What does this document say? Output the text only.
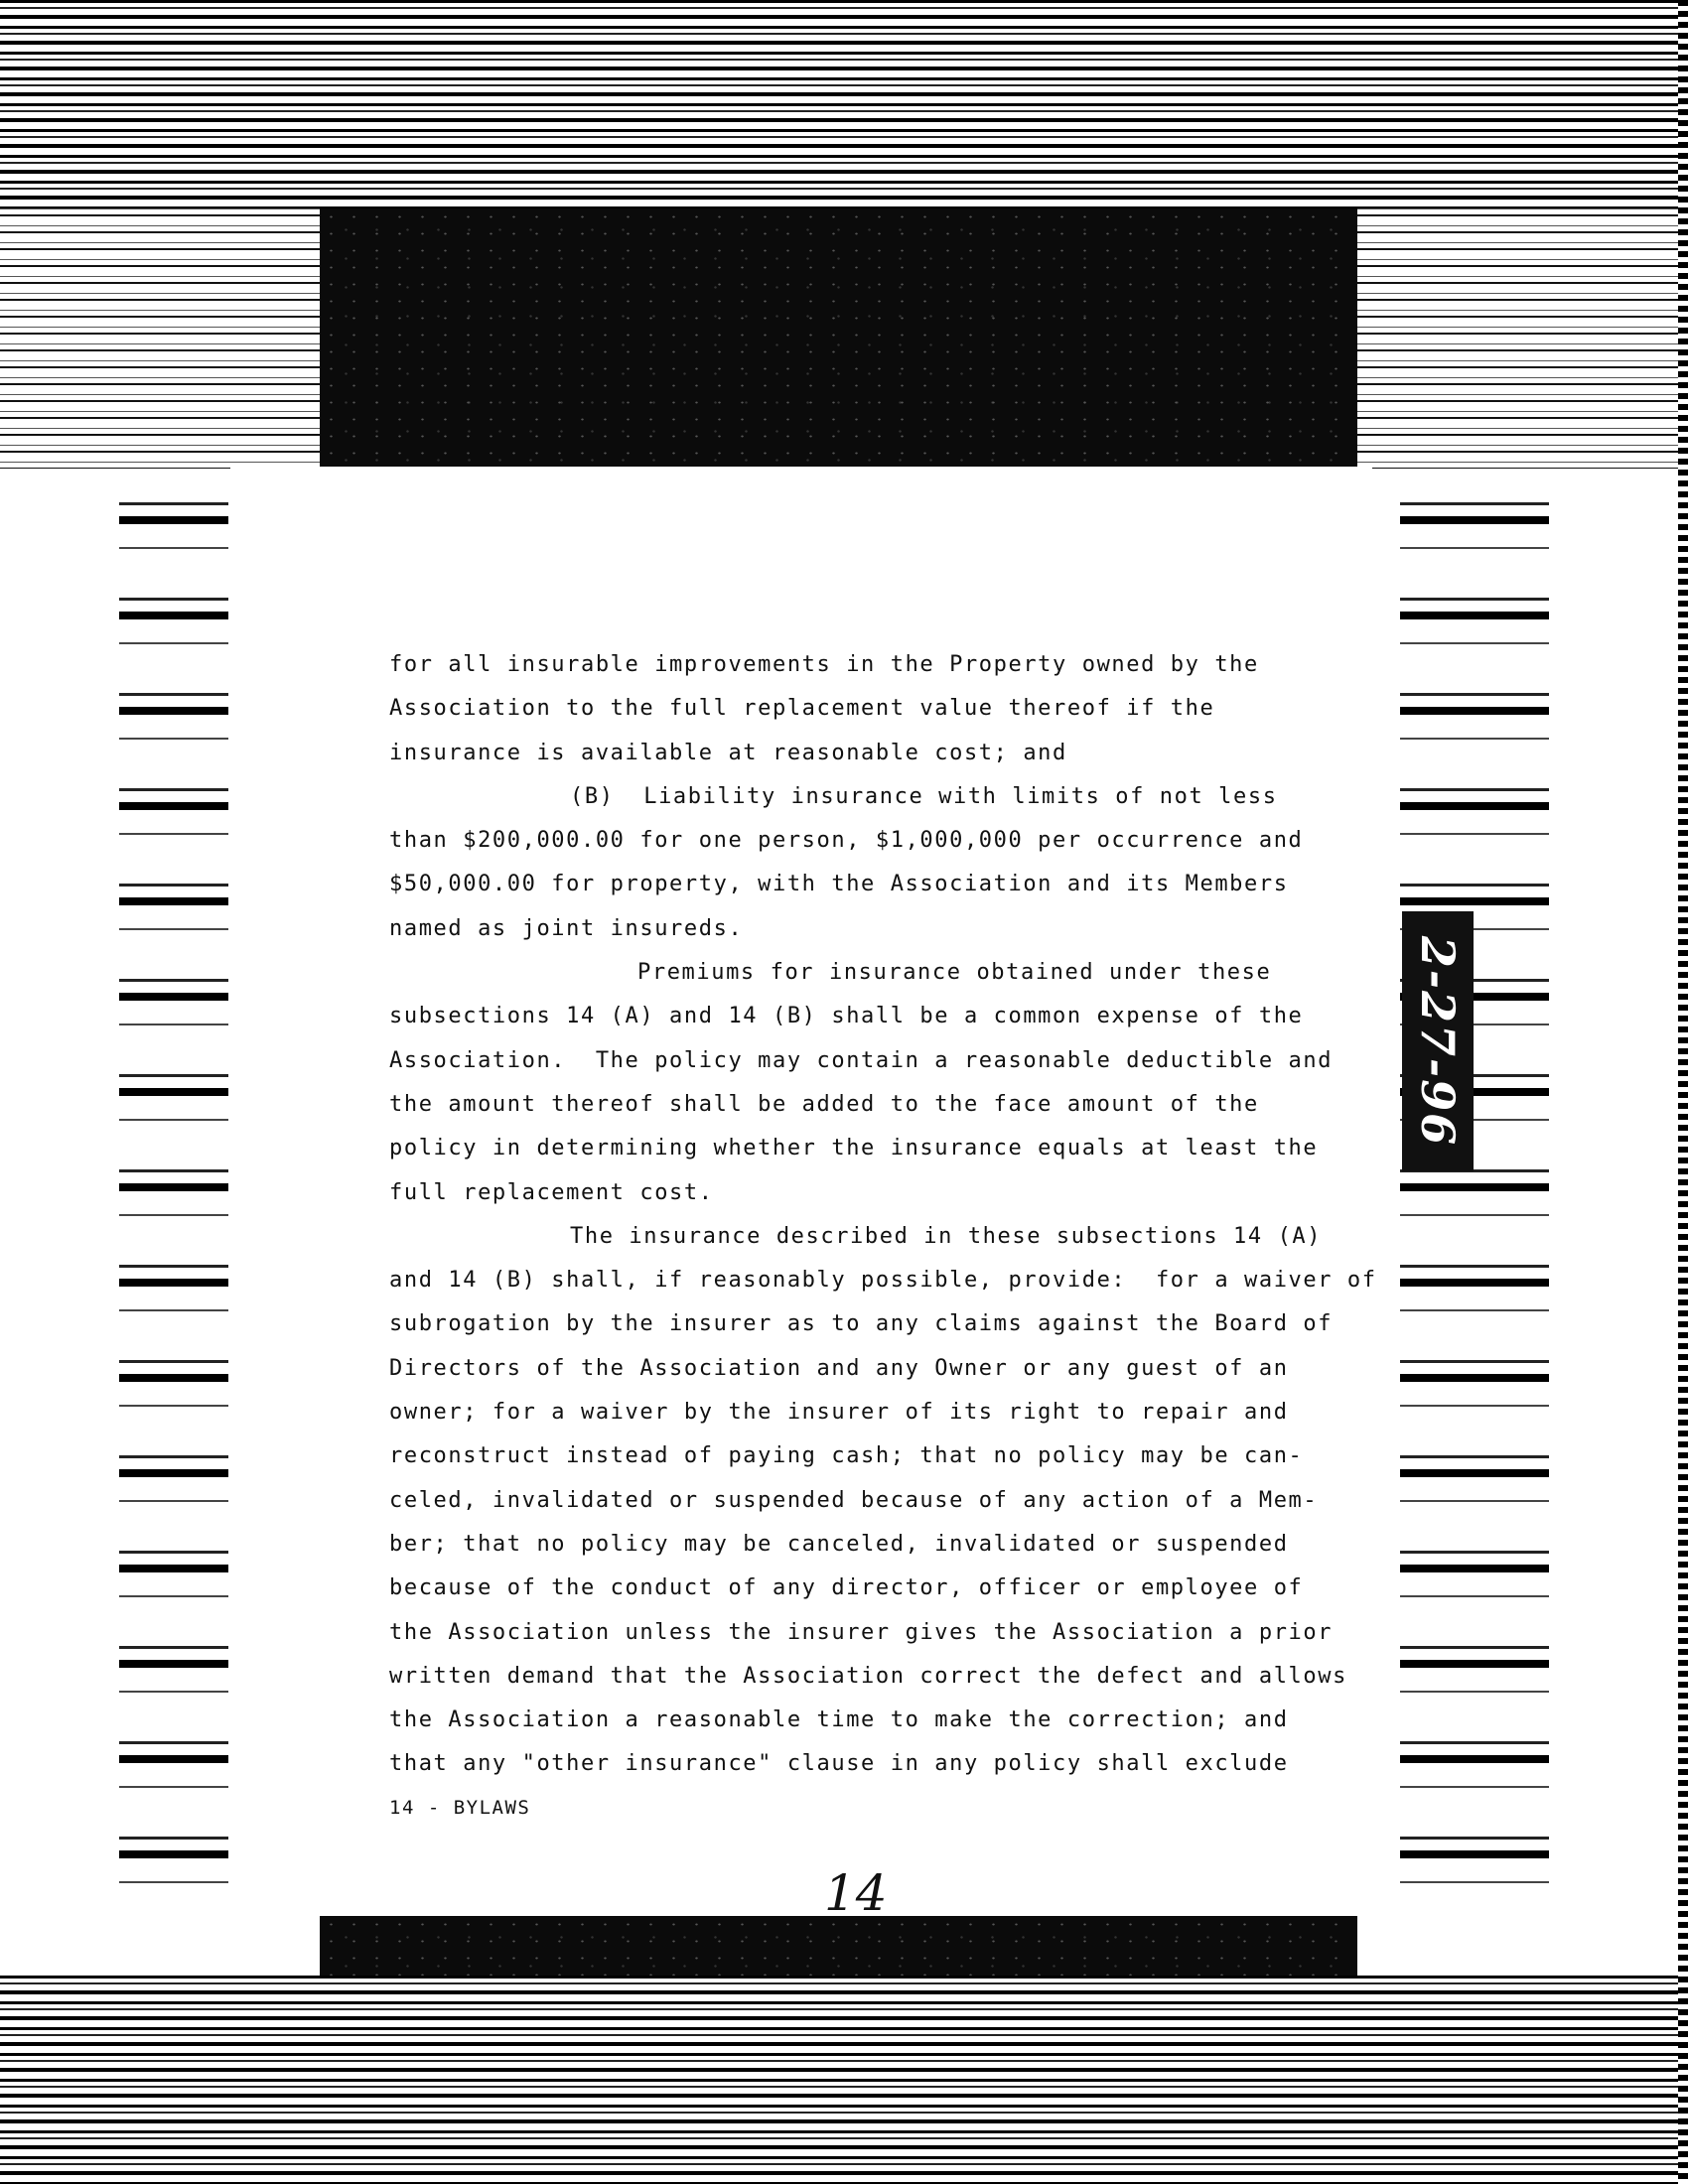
2-27-96
for all insurable improvements in the Property owned by the
Association to the full replacement value thereof if the
insurance is available at reasonable cost; and
(B)  Liability insurance with limits of not less
than $200,000.00 for one person, $1,000,000 per occurrence and
$50,000.00 for property, with the Association and its Members
named as joint insureds.
Premiums for insurance obtained under these
subsections 14 (A) and 14 (B) shall be a common expense of the
Association.  The policy may contain a reasonable deductible and
the amount thereof shall be added to the face amount of the
policy in determining whether the insurance equals at least the
full replacement cost.
The insurance described in these subsections 14 (A)
and 14 (B) shall, if reasonably possible, provide:  for a waiver of
subrogation by the insurer as to any claims against the Board of
Directors of the Association and any Owner or any guest of an
owner; for a waiver by the insurer of its right to repair and
reconstruct instead of paying cash; that no policy may be can-
celed, invalidated or suspended because of any action of a Mem-
ber; that no policy may be canceled, invalidated or suspended
because of the conduct of any director, officer or employee of
the Association unless the insurer gives the Association a prior
written demand that the Association correct the defect and allows
the Association a reasonable time to make the correction; and
that any "other insurance" clause in any policy shall exclude
14 - BYLAWS
14
